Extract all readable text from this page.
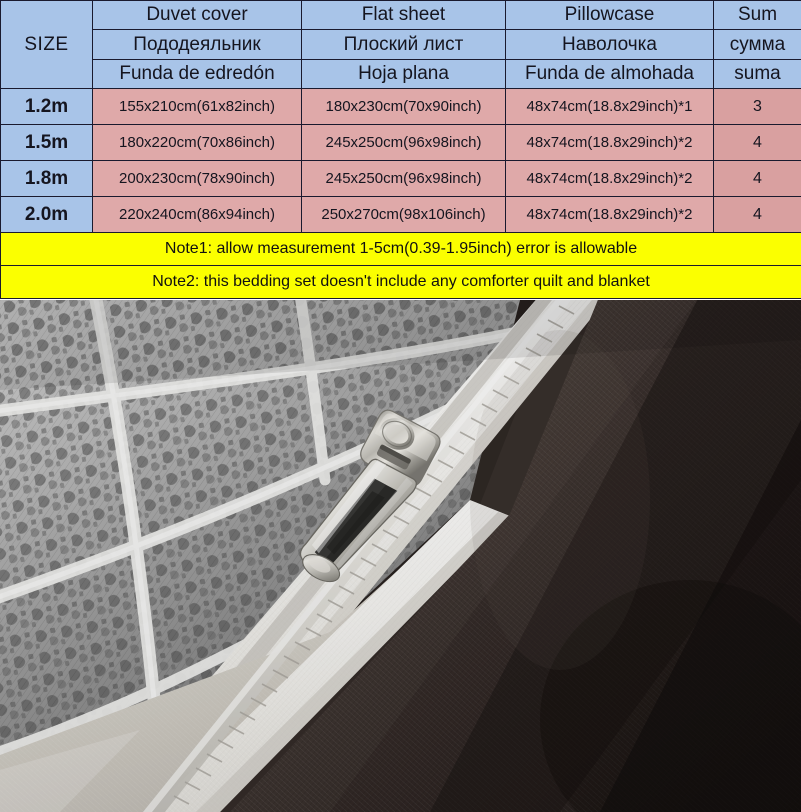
SIZE	Duvet cover	Flat sheet	Pillowcase	Sum
	Пододеяльник	Плоский лист	Наволочка	сумма
	Funda de edredón	Hoja plana	Funda de almohada	suma
1.2m	155x210cm(61x82inch)	180x230cm(70x90inch)	48x74cm(18.8x29inch)*1	3
1.5m	180x220cm(70x86inch)	245x250cm(96x98inch)	48x74cm(18.8x29inch)*2	4
1.8m	200x230cm(78x90inch)	245x250cm(96x98inch)	48x74cm(18.8x29inch)*2	4
2.0m	220x240cm(86x94inch)	250x270cm(98x106inch)	48x74cm(18.8x29inch)*2	4
Note1: allow measurement 1-5cm(0.39-1.95inch) error is allowable				
Note2: this bedding set doesn't include any comforter quilt and blanket				
